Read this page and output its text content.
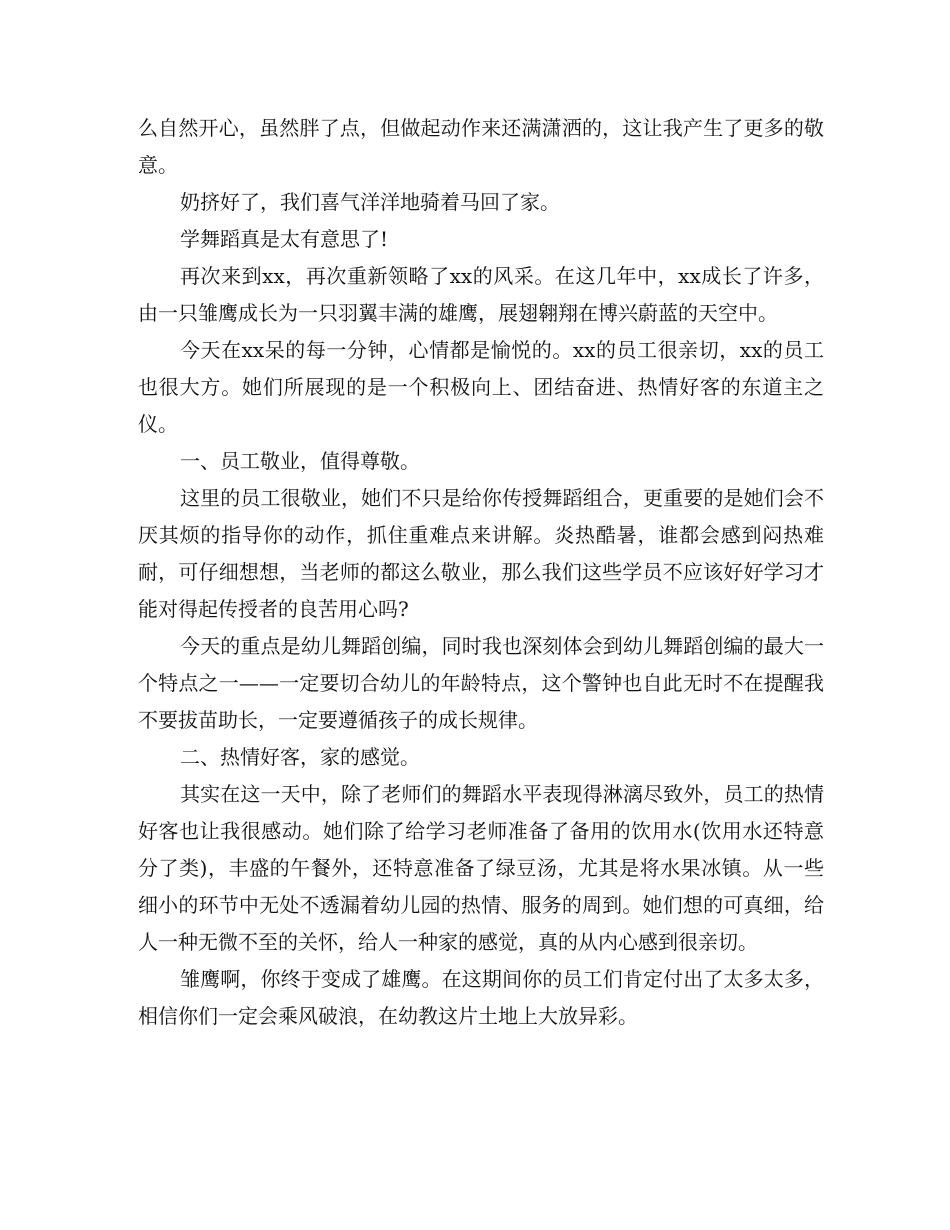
么自然开心，虽然胖了点，但做起动作来还满潇洒的，这让我产生了更多的敬意。

奶挤好了，我们喜气洋洋地骑着马回了家。

学舞蹈真是太有意思了!

再次来到xx，再次重新领略了xx的风采。在这几年中，xx成长了许多，由一只雏鹰成长为一只羽翼丰满的雄鹰，展翅翱翔在博兴蔚蓝的天空中。

今天在xx呆的每一分钟，心情都是愉悦的。xx的员工很亲切，xx的员工也很大方。她们所展现的是一个积极向上、团结奋进、热情好客的东道主之仪。

一、员工敬业，值得尊敬。

这里的员工很敬业，她们不只是给你传授舞蹈组合，更重要的是她们会不厌其烦的指导你的动作，抓住重难点来讲解。炎热酷暑，谁都会感到闷热难耐，可仔细想想，当老师的都这么敬业，那么我们这些学员不应该好好学习才能对得起传授者的良苦用心吗?

今天的重点是幼儿舞蹈创编，同时我也深刻体会到幼儿舞蹈创编的最大一个特点之一——一定要切合幼儿的年龄特点，这个警钟也自此无时不在提醒我不要拔苗助长，一定要遵循孩子的成长规律。

二、热情好客，家的感觉。

其实在这一天中，除了老师们的舞蹈水平表现得淋漓尽致外，员工的热情好客也让我很感动。她们除了给学习老师准备了备用的饮用水(饮用水还特意分了类)，丰盛的午餐外，还特意准备了绿豆汤，尤其是将水果冰镇。从一些细小的环节中无处不透漏着幼儿园的热情、服务的周到。她们想的可真细，给人一种无微不至的关怀，给人一种家的感觉，真的从内心感到很亲切。

雏鹰啊，你终于变成了雄鹰。在这期间你的员工们肯定付出了太多太多，相信你们一定会乘风破浪，在幼教这片土地上大放异彩。
